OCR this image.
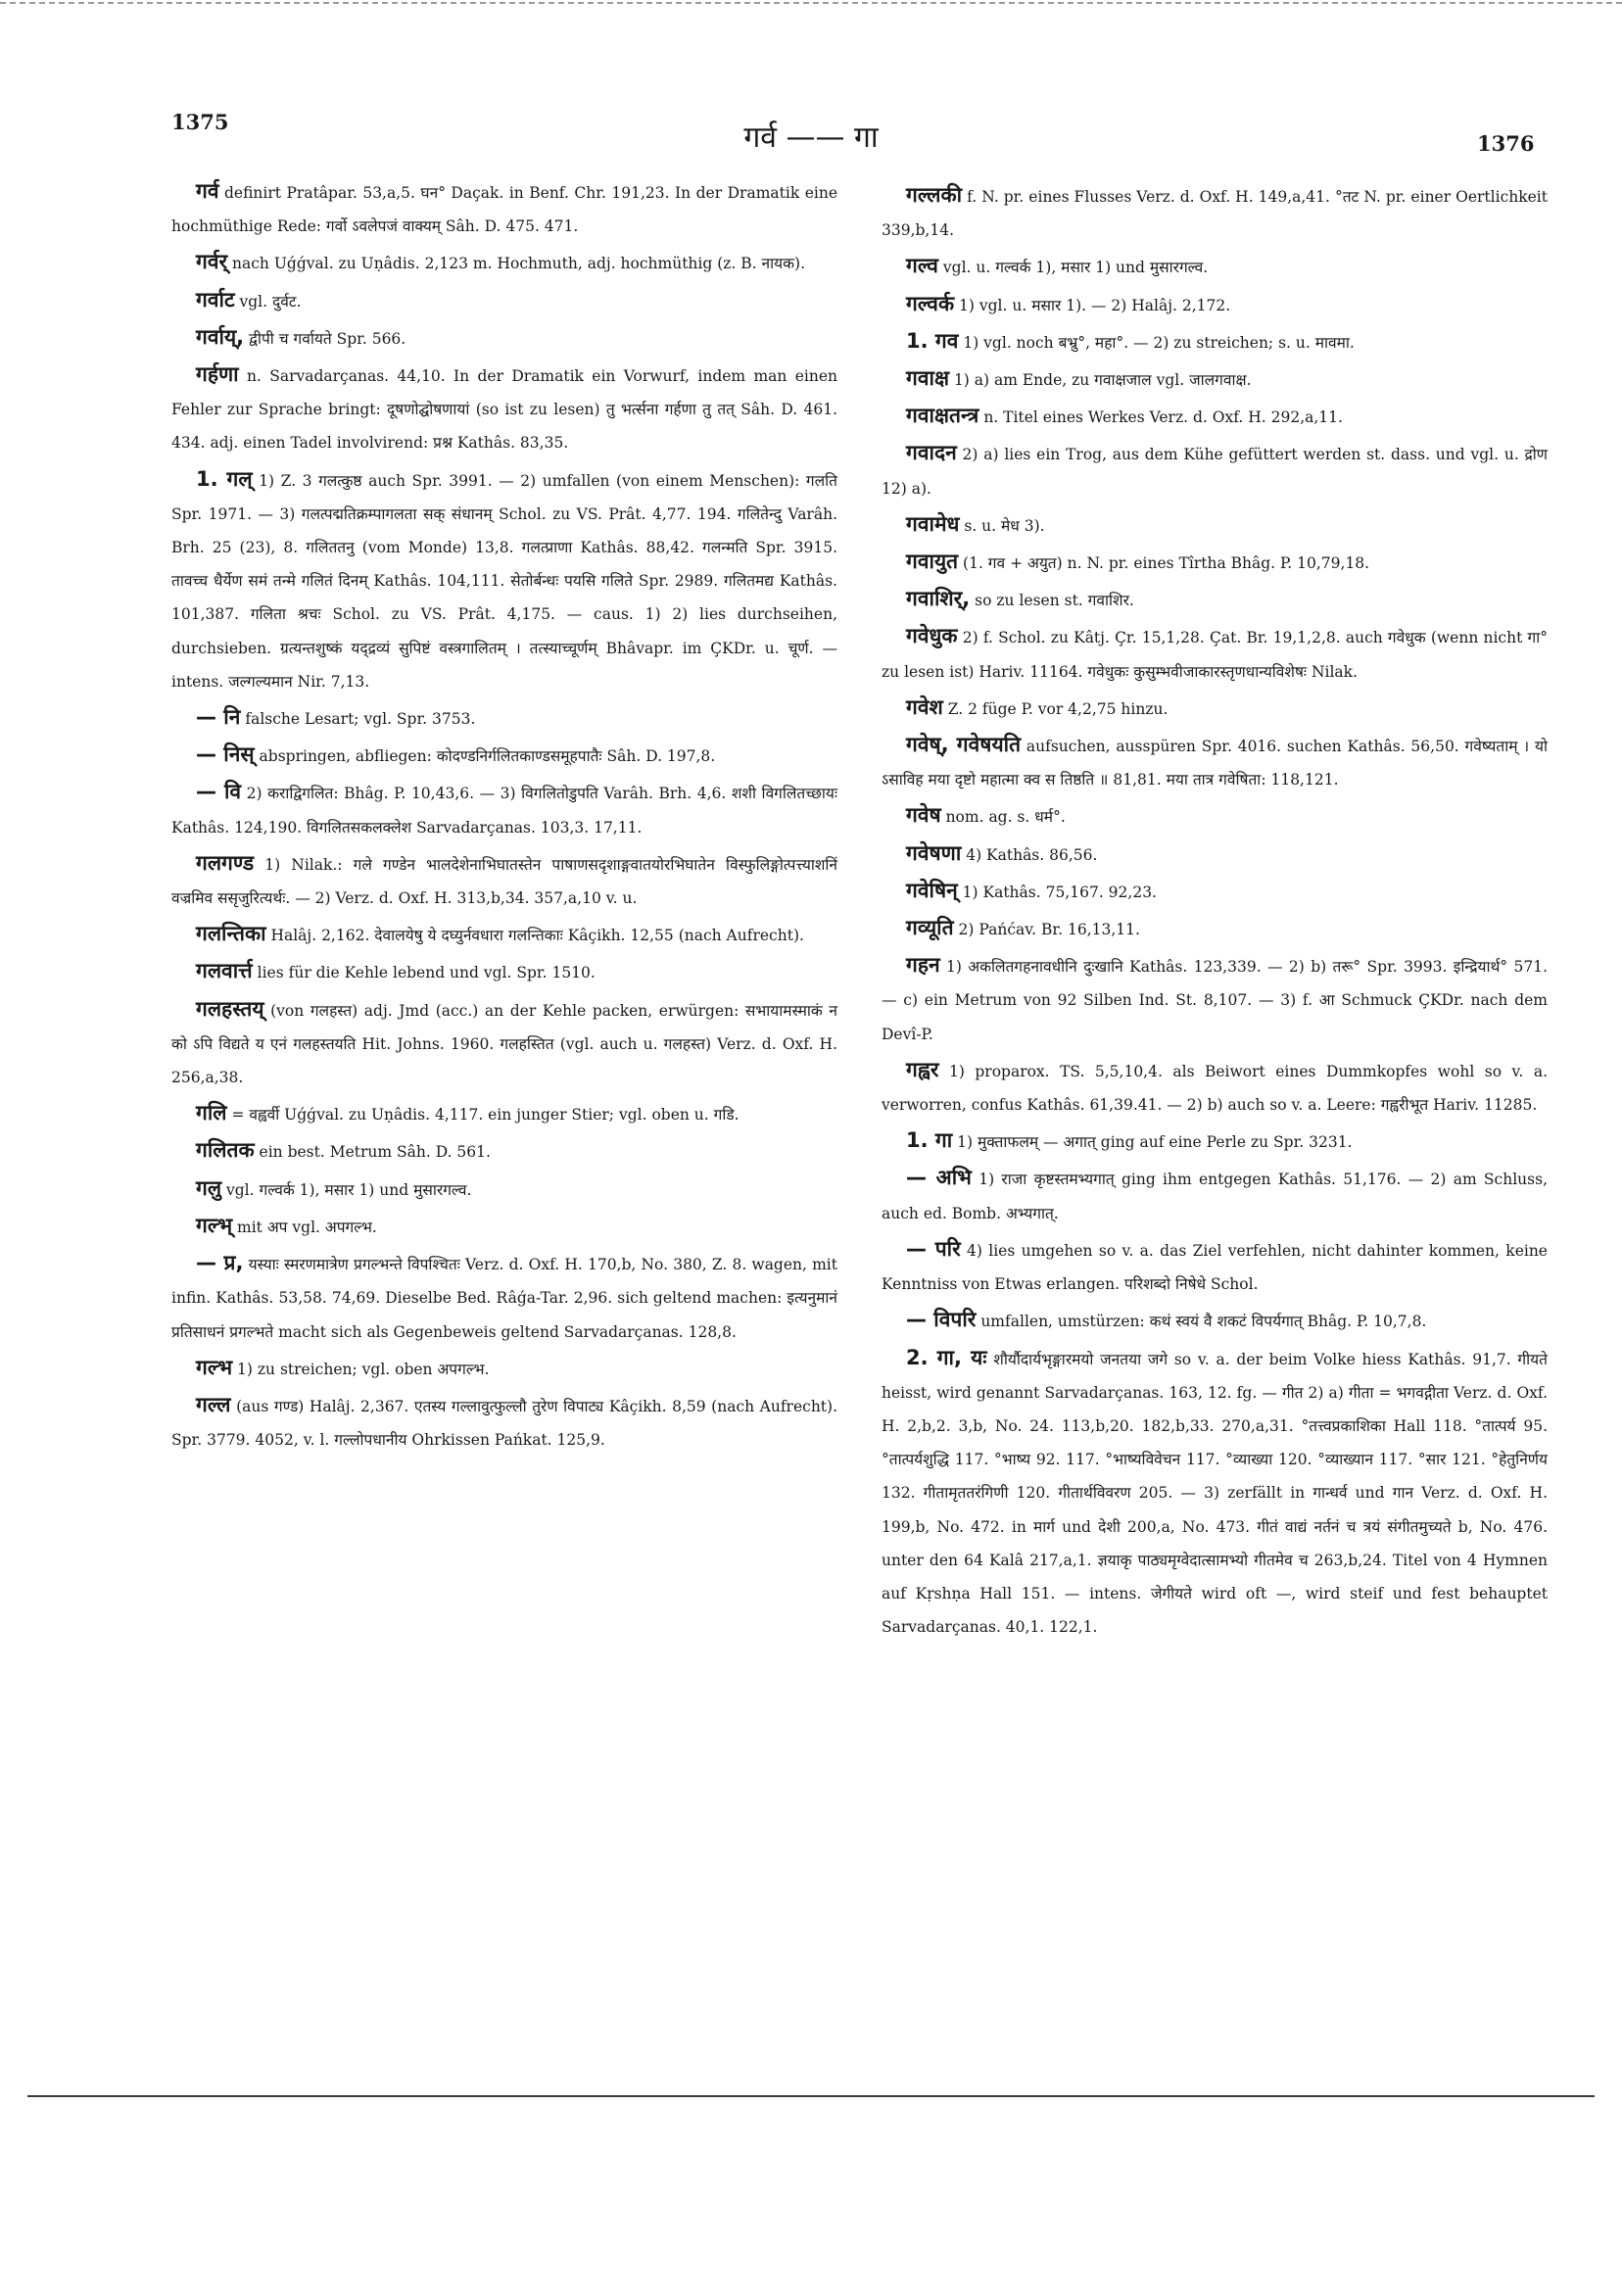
1375	गर्व —— गा	1376

गर्व definirt Pratâpar. 53,a,5. घन° Daçak. in Benf. Chr. 191,23. In der Dramatik eine hochmüthige Rede: गर्वो ऽवलेपजं वाक्यम् Sâh. D. 475. 471.

गर्वर् nach Uǵǵval. zu Uṇâdis. 2,123 m. Hochmuth, adj. hochmüthig (z. B. नायक).

गर्वाट vgl. दुर्वट.

गर्वाय्, द्वीपी च गर्वायते Spr. 566.

गर्हणा n. Sarvadarçanas. 44,10. In der Dramatik ein Vorwurf, indem man einen Fehler zur Sprache bringt: दूषणोद्घोषणायां (so ist zu lesen) तु भर्त्सना गर्हणा तु तत् Sâh. D. 461. 434. adj. einen Tadel involvirend: प्रश्न Kathâs. 83,35.

1. गल् 1) Z. 3 गलत्कुष्ठ auch Spr. 3991. — 2) umfallen (von einem Menschen): गलति Spr. 1971. — 3) गलत्पद्मतिक्रम्पागलता सक् संधानम् Schol. zu VS. Prât. 4,77. 194. गलितेन्दु Varâh. Brh. 25 (23), 8. गलिततनु (vom Monde) 13,8. गलत्प्राणा Kathâs. 88,42. गलन्मति Spr. 3915. तावच्च धैर्येण समं तन्मे गलितं दिनम् Kathâs. 104,111. सेतोर्बन्धः पयसि गलिते Spr. 2989. गलितमद्य Kathâs. 101,387. गलिता श्रचः Schol. zu VS. Prât. 4,175. — caus. 1) 2) lies durchseihen, durchsieben. ग्रत्यन्तशुष्कं यद्द्रव्यं सुपिष्टं वस्त्रगालितम् । तत्स्याच्चूर्णम् Bhâvapr. im ÇKDr. u. चूर्ण. — intens. जल्गल्यमान Nir. 7,13.

— नि falsche Lesart; vgl. Spr. 3753.

— निस् abspringen, abfliegen: कोदण्डनिर्गलितकाण्डसमूहपातैः Sâh. D. 197,8.

— वि 2) कराद्विगलित: Bhâg. P. 10,43,6. — 3) विगलितोडुपति Varâh. Brh. 4,6. शशी विगलितच्छायः Kathâs. 124,190. विगलितसकलक्लेश Sarvadarçanas. 103,3. 17,11.

गलगण्ड 1) Nilak.: गले गण्डेन भालदेशेनाभिघातस्तेन पाषाणसदृशाङ्गवातयोरभिघातेन विस्फुलिङ्गोत्पत्त्याशनिं वज्रमिव ससृजुरित्यर्थः. — 2) Verz. d. Oxf. H. 313,b,34. 357,a,10 v. u.

गलन्तिका Halâj. 2,162. देवालयेषु ये दघ्युर्नवधारा गलन्तिकाः Kâçikh. 12,55 (nach Aufrecht).

गलवार्त्त lies für die Kehle lebend und vgl. Spr. 1510.

गलहस्तय् (von गलहस्त) adj. Jmd (acc.) an der Kehle packen, erwürgen: सभायामस्माकं न को ऽपि विद्यते य एनं गलहस्तयति Hit. Johns. 1960. गलहस्तित (vgl. auch u. गलहस्त) Verz. d. Oxf. H. 256,a,38.

गलि = वह्वर्वी Uǵǵval. zu Uṇâdis. 4,117. ein junger Stier; vgl. oben u. गडि.

गलितक ein best. Metrum Sâh. D. 561.

गलु vgl. गल्वर्क 1), मसार 1) und मुसारगल्व.

गल्भ् mit अप vgl. अपगल्भ.

— प्र, यस्याः स्मरणमात्रेण प्रगल्भन्ते विपश्चितः Verz. d. Oxf. H. 170,b, No. 380, Z. 8. wagen, mit infin. Kathâs. 53,58. 74,69. Dieselbe Bed. Râǵa-Tar. 2,96. sich geltend machen: इत्यनुमानं प्रतिसाधनं प्रगल्भते macht sich als Gegenbeweis geltend Sarvadarçanas. 128,8.

गल्भ 1) zu streichen; vgl. oben अपगल्भ.

गल्ल (aus गण्ड) Halâj. 2,367. एतस्य गल्लावुत्फुल्लौ तुरेण विपाट्य Kâçikh. 8,59 (nach Aufrecht). Spr. 3779. 4052, v. l. गल्लोपधानीय Ohrkissen Pańkat. 125,9.

गल्लकी f. N. pr. eines Flusses Verz. d. Oxf. H. 149,a,41. °तट N. pr. einer Oertlichkeit 339,b,14.

गल्व vgl. u. गल्वर्क 1), मसार 1) und मुसारगल्व.

गल्वर्क 1) vgl. u. मसार 1). — 2) Halâj. 2,172.

1. गव 1) vgl. noch बभ्रु°, महा°. — 2) zu streichen; s. u. मावमा.

गवाक्ष 1) a) am Ende, zu गवाक्षजाल vgl. जालगवाक्ष.

गवाक्षतन्त्र n. Titel eines Werkes Verz. d. Oxf. H. 292,a,11.

गवादन 2) a) lies ein Trog, aus dem Kühe gefüttert werden st. dass. und vgl. u. द्रोण 12) a).

गवामेध s. u. मेध 3).

गवायुत (1. गव + अयुत) n. N. pr. eines Tîrtha Bhâg. P. 10,79,18.

गवाशिर्, so zu lesen st. गवाशिर.

गवेधुक 2) f. Schol. zu Kâtj. Çr. 15,1,28. Çat. Br. 19,1,2,8. auch गवेधुक (wenn nicht गा° zu lesen ist) Hariv. 11164. गवेधुकः कुसुम्भवीजाकारस्तृणधान्यविशेषः Nilak.

गवेश Z. 2 füge P. vor 4,2,75 hinzu.

गवेष्, गवेषयति aufsuchen, ausspüren Spr. 4016. suchen Kathâs. 56,50. गवेष्यताम् । यो ऽसाविह मया दृष्टो महात्मा क्व स तिष्ठति ॥ 81,81. मया तात्र गवेषिता: 118,121.

गवेष nom. ag. s. धर्म°.

गवेषणा 4) Kathâs. 86,56.

गवेषिन् 1) Kathâs. 75,167. 92,23.

गव्यूति 2) Pańćav. Br. 16,13,11.

गहन 1) अकलितगहनावधीनि दुःखानि Kathâs. 123,339. — 2) b) तरू° Spr. 3993. इन्द्रियार्थ° 571. — c) ein Metrum von 92 Silben Ind. St. 8,107. — 3) f. आ Schmuck ÇKDr. nach dem Devî-P.

गह्वर 1) proparox. TS. 5,5,10,4. als Beiwort eines Dummkopfes wohl so v. a. verworren, confus Kathâs. 61,39.41. — 2) b) auch so v. a. Leere: गह्वरीभूत Hariv. 11285.

1. गा 1) मुक्ताफलम् — अगात् ging auf eine Perle zu Spr. 3231.

— अभि 1) राजा कृष्टस्तमभ्यगात् ging ihm entgegen Kathâs. 51,176. — 2) am Schluss, auch ed. Bomb. अभ्यगात्.

— परि 4) lies umgehen so v. a. das Ziel verfehlen, nicht dahinter kommen, keine Kenntniss von Etwas erlangen. परिशब्दो निषेधे Schol.

— विपरि umfallen, umstürzen: कथं स्वयं वै शकटं विपर्यगात् Bhâg. P. 10,7,8.

2. गा, यः शौर्यौदार्यभृङ्गारमयो जनतया जगे so v. a. der beim Volke hiess Kathâs. 91,7. गीयते heisst, wird genannt Sarvadarçanas. 163, 12. fg. — गीत 2) a) गीता = भगवद्गीता Verz. d. Oxf. H. 2,b,2. 3,b, No. 24. 113,b,20. 182,b,33. 270,a,31. °तत्त्वप्रकाशिका Hall 118. °तात्पर्य 95. °तात्पर्यशुद्धि 117. °भाष्य 92. 117. °भाष्यविवेचन 117. °व्याख्या 120. °व्याख्यान 117. °सार 121. °हेतुनिर्णय 132. गीतामृततरंगिणी 120. गीतार्थविवरण 205. — 3) zerfällt in गान्धर्व und गान Verz. d. Oxf. H. 199,b, No. 472. in मार्ग und देशी 200,a, No. 473. गीतं वाद्यं नर्तनं च त्रयं संगीतमुच्यते b, No. 476. unter den 64 Kalâ 217,a,1. ज्ञयाकृ पाठ्यमृग्वेदात्सामभ्यो गीतमेव च 263,b,24. Titel von 4 Hymnen auf Kṛshṇa Hall 151. — intens. जेगीयते wird oft —, wird steif und fest behauptet Sarvadarçanas. 40,1. 122,1.
